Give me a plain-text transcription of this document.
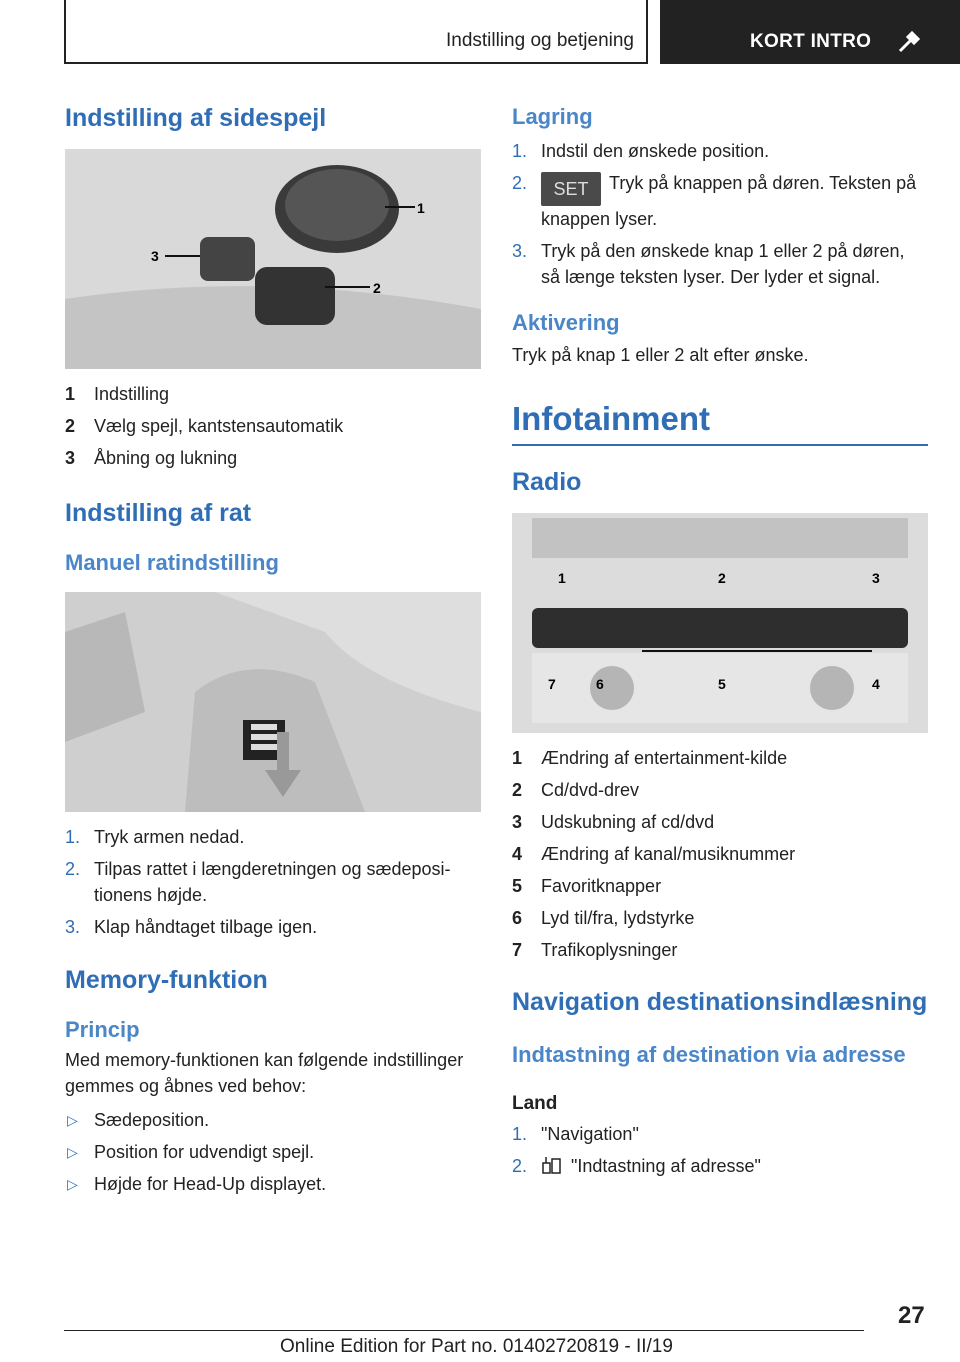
Indstilling og betjening	KORT INTRO
Indstilling af sidespejl
1
2
3
1 Indstilling
2 Vælg spejl, kantstensautomatik
3 Åbning og lukning
Indstilling af rat
Manuel ratindstilling
1. Tryk armen nedad.
2. Tilpas rattet i længderetningen og sædepositionens højde.
3. Klap håndtaget tilbage igen.
Memory-funktion
Princip
Med memory-funktionen kan følgende indstillinger gemmes og åbnes ved behov:
▷ Sædeposition.
▷ Position for udvendigt spejl.
▷ Højde for Head-Up displayet.
Lagring
1. Indstil den ønskede position.
2. SET Tryk på knappen på døren. Teksten på knappen lyser.
3. Tryk på den ønskede knap 1 eller 2 på døren, så længe teksten lyser. Der lyder et signal.
Aktivering
Tryk på knap 1 eller 2 alt efter ønske.
Infotainment
Radio
1	2	3
4
5
6
7
1 Ændring af entertainment-kilde
2 Cd/dvd-drev
3 Udskubning af cd/dvd
4 Ændring af kanal/musiknummer
5 Favoritknapper
6 Lyd til/fra, lydstyrke
7 Trafikoplysninger
Navigation destinationsindlæsning
Indtastning af destination via adresse
Land
1. "Navigation"
2. "Indtastning af adresse"
27
Online Edition for Part no. 01402720819 - II/19
